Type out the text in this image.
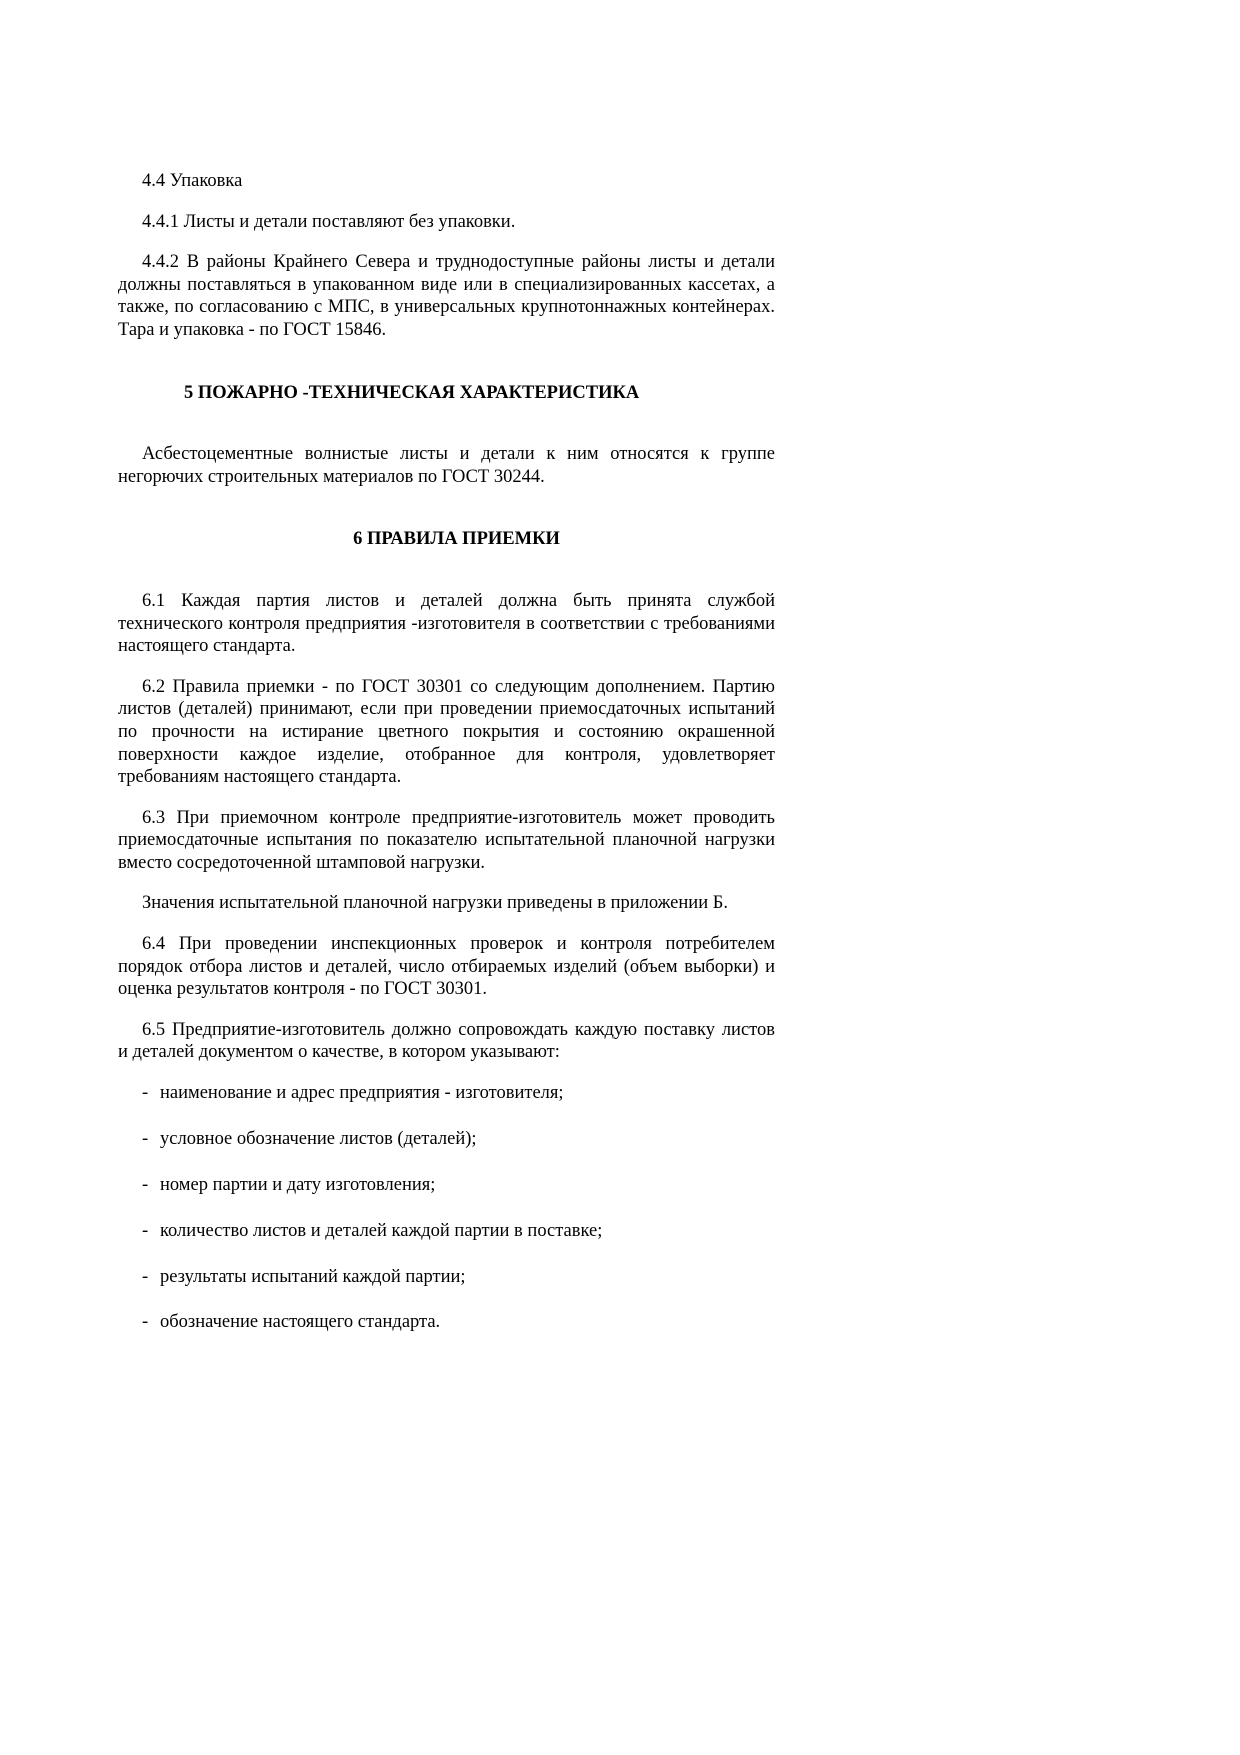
4.4 Упаковка

4.4.1 Листы и детали поставляют без упаковки.

4.4.2 В районы Крайнего Севера и труднодоступные районы листы и детали должны поставляться в упакованном виде или в специализированных кассетах, а также, по согласованию с МПС, в универсальных крупнотоннажных контейнерах. Тара и упаковка - по ГОСТ 15846.

5 ПОЖАРНО -ТЕХНИЧЕСКАЯ ХАРАКТЕРИСТИКА

Асбестоцементные волнистые листы и детали к ним относятся к группе негорючих строительных материалов по ГОСТ 30244.

6 ПРАВИЛА ПРИЕМКИ

6.1 Каждая партия листов и деталей должна быть принята службой технического контроля предприятия -изготовителя в соответствии с требованиями настоящего стандарта.

6.2 Правила приемки - по ГОСТ 30301 со следующим дополнением. Партию листов (деталей) принимают, если при проведении приемосдаточных испытаний по прочности на истирание цветного покрытия и состоянию окрашенной поверхности каждое изделие, отобранное для контроля, удовлетворяет требованиям настоящего стандарта.

6.3 При приемочном контроле предприятие-изготовитель может проводить приемосдаточные испытания по показателю испытательной планочной нагрузки вместо сосредоточенной штамповой нагрузки.

Значения испытательной планочной нагрузки приведены в приложении Б.

6.4 При проведении инспекционных проверок и контроля потребителем порядок отбора листов и деталей, число отбираемых изделий (объем выборки) и оценка результатов контроля - по ГОСТ 30301.

6.5 Предприятие-изготовитель должно сопровождать каждую поставку листов и деталей документом о качестве, в котором указывают:

- наименование и адрес предприятия - изготовителя;
- условное обозначение листов (деталей);
- номер партии и дату изготовления;
- количество листов и деталей каждой партии в поставке;
- результаты испытаний каждой партии;
- обозначение настоящего стандарта.
